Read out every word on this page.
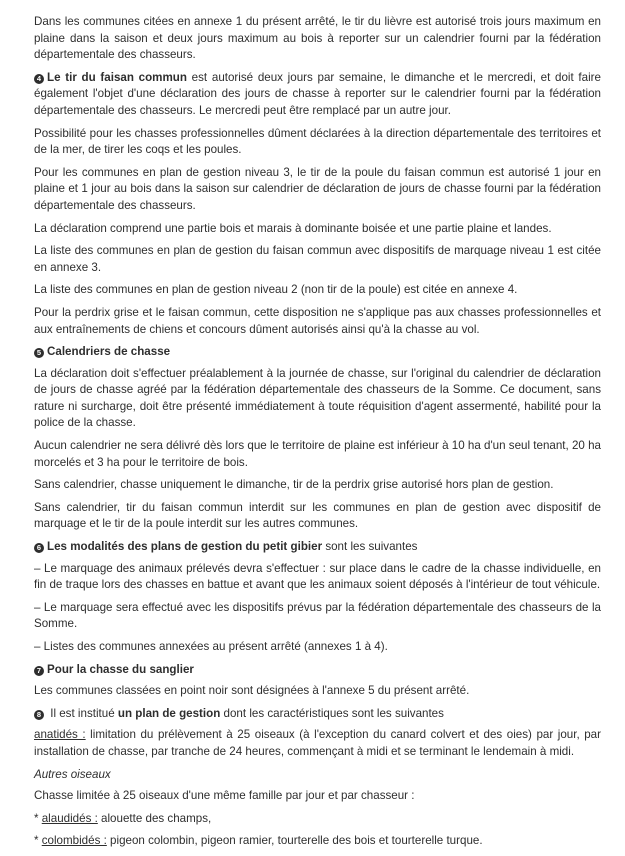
Dans les communes citées en annexe 1 du présent arrêté, le tir du lièvre est autorisé trois jours maximum en plaine dans la saison et deux jours maximum au bois à reporter sur un calendrier fourni par la fédération départementale des chasseurs.

4 Le tir du faisan commun est autorisé deux jours par semaine, le dimanche et le mercredi, et doit faire également l'objet d'une déclaration des jours de chasse à reporter sur le calendrier fourni par la fédération départementale des chasseurs. Le mercredi peut être remplacé par un autre jour.

Possibilité pour les chasses professionnelles dûment déclarées à la direction départementale des territoires et de la mer, de tirer les coqs et les poules.

Pour les communes en plan de gestion niveau 3, le tir de la poule du faisan commun est autorisé 1 jour en plaine et 1 jour au bois dans la saison sur calendrier de déclaration de jours de chasse fourni par la fédération départementale des chasseurs.

La déclaration comprend une partie bois et marais à dominante boisée et une partie plaine et landes.

La liste des communes en plan de gestion du faisan commun avec dispositifs de marquage niveau 1 est citée en annexe 3.

La liste des communes en plan de gestion niveau 2 (non tir de la poule) est citée en annexe 4.

Pour la perdrix grise et le faisan commun, cette disposition ne s'applique pas aux chasses professionnelles et aux entraînements de chiens et concours dûment autorisés ainsi qu'à la chasse au vol.

5 Calendriers de chasse

La déclaration doit s'effectuer préalablement à la journée de chasse, sur l'original du calendrier de déclaration de jours de chasse agréé par la fédération départementale des chasseurs de la Somme. Ce document, sans rature ni surcharge, doit être présenté immédiatement à toute réquisition d'agent assermenté, habilité pour la police de la chasse.

Aucun calendrier ne sera délivré dès lors que le territoire de plaine est inférieur à 10 ha d'un seul tenant, 20 ha morcelés et 3 ha pour le territoire de bois.

Sans calendrier, chasse uniquement le dimanche, tir de la perdrix grise autorisé hors plan de gestion.

Sans calendrier, tir du faisan commun interdit sur les communes en plan de gestion avec dispositif de marquage et le tir de la poule interdit sur les autres communes.

6 Les modalités des plans de gestion du petit gibier sont les suivantes

– Le marquage des animaux prélevés devra s'effectuer : sur place dans le cadre de la chasse individuelle, en fin de traque lors des chasses en battue et avant que les animaux soient déposés à l'intérieur de tout véhicule.

– Le marquage sera effectué avec les dispositifs prévus par la fédération départementale des chasseurs de la Somme.

– Listes des communes annexées au présent arrêté (annexes 1 à 4).

7 Pour la chasse du sanglier

Les communes classées en point noir sont désignées à l'annexe 5 du présent arrêté.

8 Il est institué un plan de gestion dont les caractéristiques sont les suivantes

anatidés : limitation du prélèvement à 25 oiseaux (à l'exception du canard colvert et des oies) par jour, par installation de chasse, par tranche de 24 heures, commençant à midi et se terminant le lendemain à midi.

Autres oiseaux

Chasse limitée à 25 oiseaux d'une même famille par jour et par chasseur :

* alaudidés : alouette des champs,

* colombidés : pigeon colombin, pigeon ramier, tourterelle des bois et tourterelle turque.
